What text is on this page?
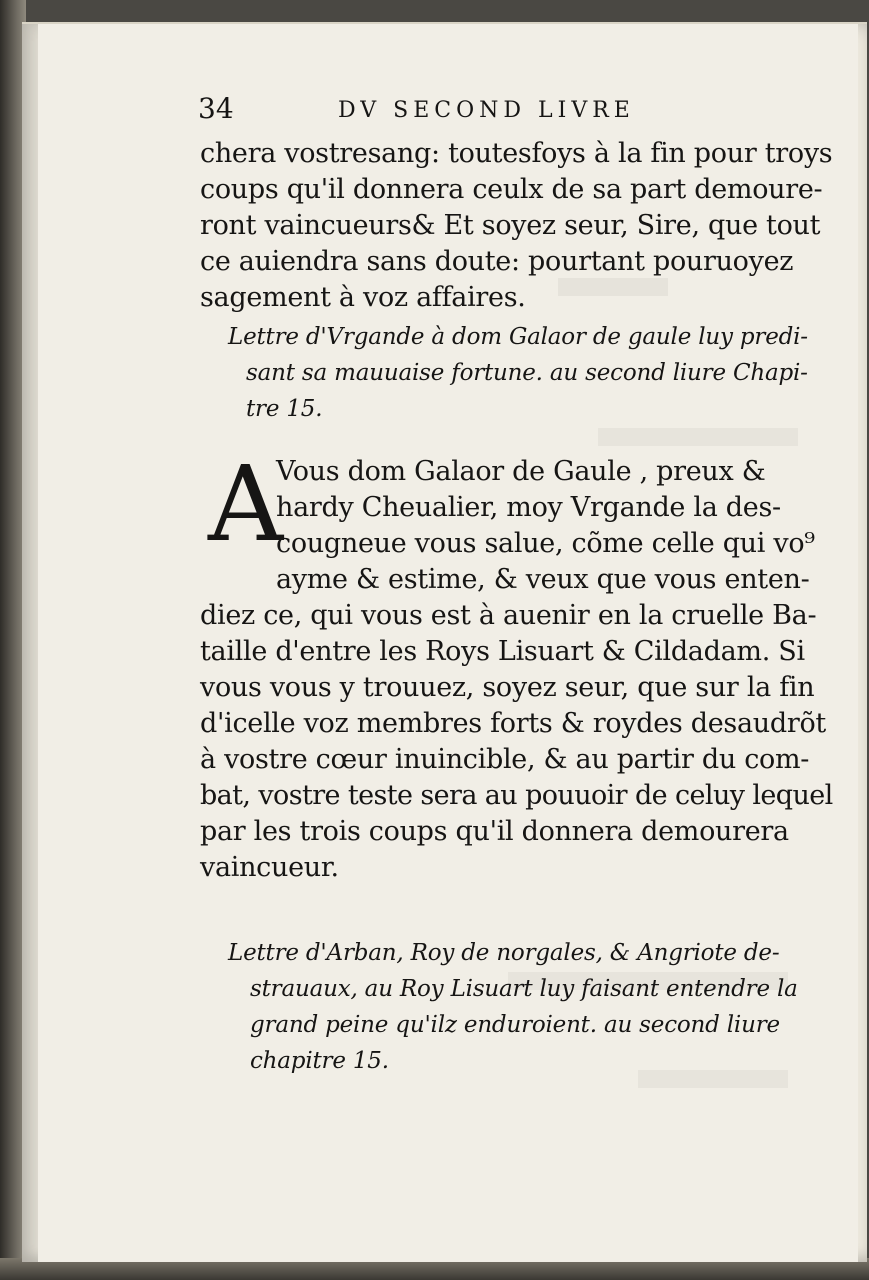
34	DV SECOND LIVRE

chera vostresang: toutesfoys à la fin pour troys

coups qu'il donnera ceulx de sa part demoure-

ront vaincueurs& Et soyez seur, Sire, que tout

ce auiendra sans doute: pourtant pouruoyez

sagement à voz affaires.

Lettre d'Vrgande à dom Galaor de gaule luy predi-

sant sa mauuaise fortune. au second liure Chapi-

tre 15.

A

Vous dom Galaor de Gaule , preux &

hardy Cheualier, moy Vrgande la des-

cougneue vous salue, cõme celle qui vo⁹

ayme & estime, & veux que vous enten-

diez ce, qui vous est à auenir en la cruelle Ba-

taille d'entre les Roys Lisuart & Cildadam. Si

vous vous y trouuez, soyez seur, que sur la fin

d'icelle voz membres forts & roydes desaudrõt

à vostre cœur inuincible, & au partir du com-

bat, vostre teste sera au pouuoir de celuy lequel

par les trois coups qu'il donnera demourera

vaincueur.

Lettre d'Arban, Roy de norgales, & Angriote de-

strauaux, au Roy Lisuart luy faisant entendre la

grand peine qu'ilz enduroient. au second liure

chapitre 15.
